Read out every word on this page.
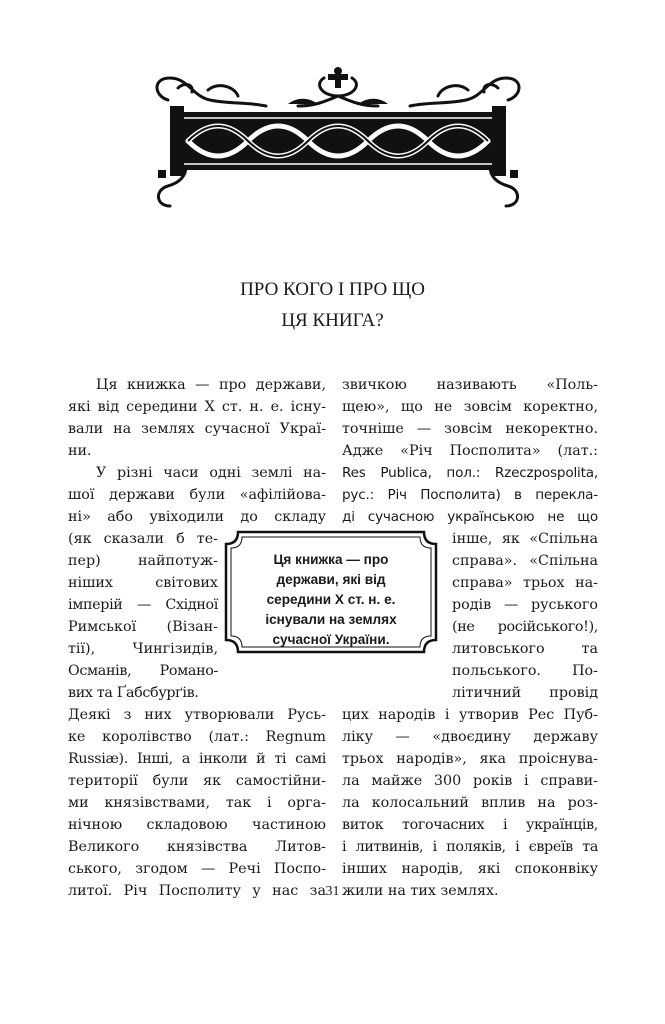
ПРО КОГО І ПРО ЩО
ЦЯ КНИГА?
Ця книжка — про держави,
які від середини X ст. н. е. існу-
вали на землях сучасної Украї-
ни.
У різні часи одні землі на-
шої держави були «афілійова-
ні» або увіходили до складу
(як сказали б те-
пер) найпотуж-
ніших світових
імперій — Східної
Римської (Візан-
тії), Чингізидів,
Османів, Романо-
вих та Ґабсбурґів.
Деякі з них утворювали Русь-
ке королівство (лат.: Regnum
Russiæ). Інші, а інколи й ті самі
території були як самостійни-
ми князівствами, так і орга-
нічною складовою частиною
Великого князівства Литов-
ського, згодом — Речі Поспо-
литої. Річ Посполиту у нас за
звичкою називають «Поль-
щею», що не зовсім коректно,
точніше — зовсім некоректно.
Адже «Річ Посполита» (лат.:
Res Publica, пол.: Rzeczpospolita,
рус.: Річ Посполита) в перекла-
ді сучасною українською не що
інше, як «Спільна
справа». «Спільна
справа» трьох на-
родів — руського
(не російського!),
литовського та
польського. По-
літичний провід
цих народів і утворив Рес Пуб-
ліку — «двоєдину державу
трьох народів», яка проіснува-
ла майже 300 років і справи-
ла колосальний вплив на роз-
виток тогочасних і українців,
і литвинів, і поляків, і євреїв та
інших народів, які споконвіку
жили на тих землях.
Ця книжка — про
держави, які від
середини X ст. н. е.
існували на землях
сучасної України.
31
